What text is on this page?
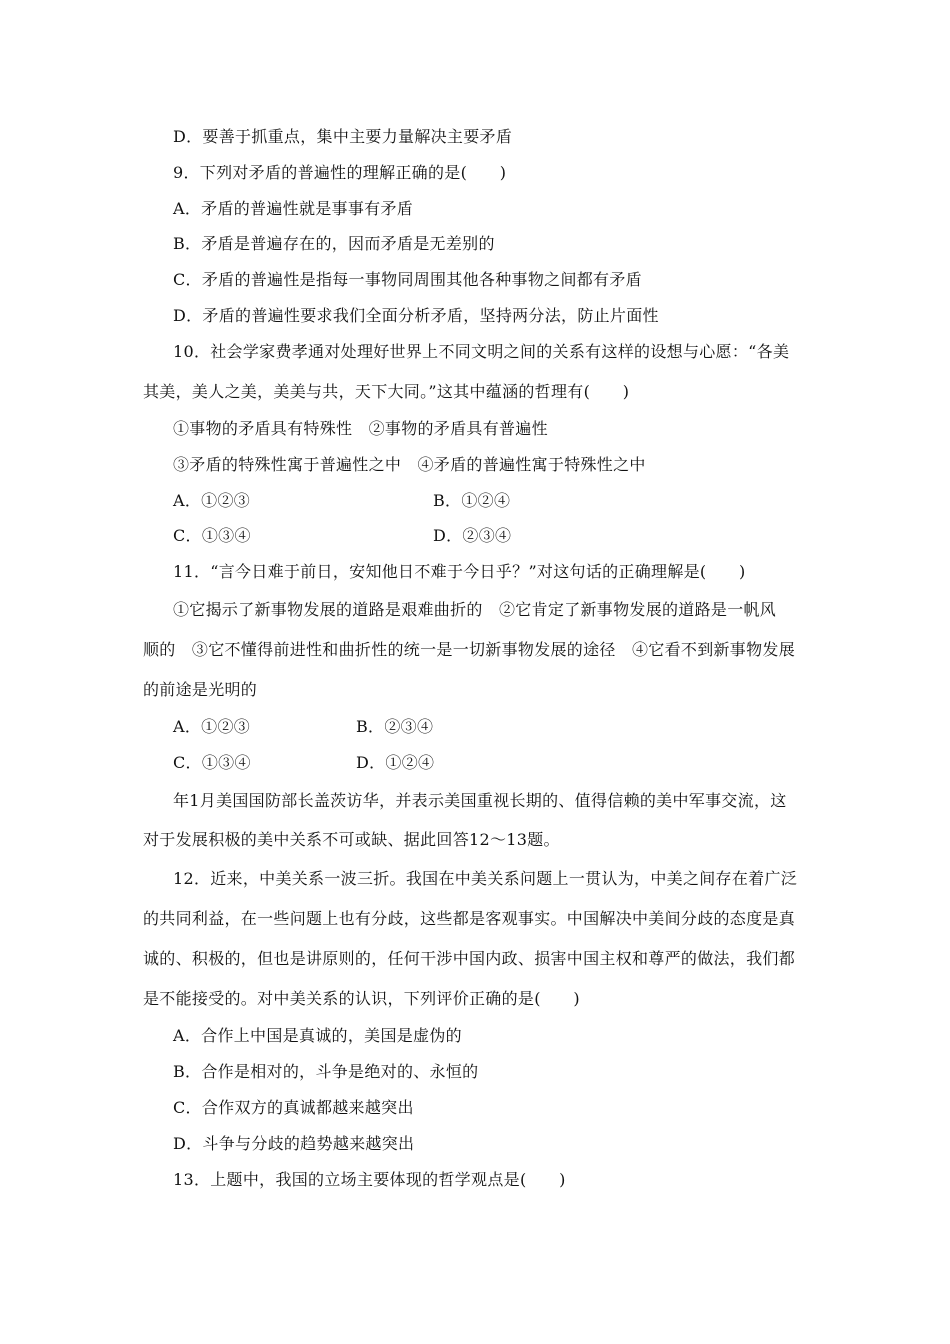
D．要善于抓重点，集中主要力量解决主要矛盾
9．下列对矛盾的普遍性的理解正确的是(　　)
A．矛盾的普遍性就是事事有矛盾
B．矛盾是普遍存在的，因而矛盾是无差别的
C．矛盾的普遍性是指每一事物同周围其他各种事物之间都有矛盾
D．矛盾的普遍性要求我们全面分析矛盾，坚持两分法，防止片面性
10．社会学家费孝通对处理好世界上不同文明之间的关系有这样的设想与心愿：“各美
其美，美人之美，美美与共，天下大同。”这其中蕴涵的哲理有(　　)
①事物的矛盾具有特殊性　②事物的矛盾具有普遍性
③矛盾的特殊性寓于普遍性之中　④矛盾的普遍性寓于特殊性之中
A．①②③	B．①②④
C．①③④	D．②③④
11．“言今日难于前日，安知他日不难于今日乎？”对这句话的正确理解是(　　)
①它揭示了新事物发展的道路是艰难曲折的　②它肯定了新事物发展的道路是一帆风
顺的　③它不懂得前进性和曲折性的统一是一切新事物发展的途径　④它看不到新事物发展
的前途是光明的
A．①②③	B．②③④
C．①③④	D．①②④
年1月美国国防部长盖茨访华，并表示美国重视长期的、值得信赖的美中军事交流，这
对于发展积极的美中关系不可或缺、据此回答12～13题。
12．近来，中美关系一波三折。我国在中美关系问题上一贯认为，中美之间存在着广泛
的共同利益，在一些问题上也有分歧，这些都是客观事实。中国解决中美间分歧的态度是真
诚的、积极的，但也是讲原则的，任何干涉中国内政、损害中国主权和尊严的做法，我们都
是不能接受的。对中美关系的认识，下列评价正确的是(　　)
A．合作上中国是真诚的，美国是虚伪的
B．合作是相对的，斗争是绝对的、永恒的
C．合作双方的真诚都越来越突出
D．斗争与分歧的趋势越来越突出
13．上题中，我国的立场主要体现的哲学观点是(　　)
